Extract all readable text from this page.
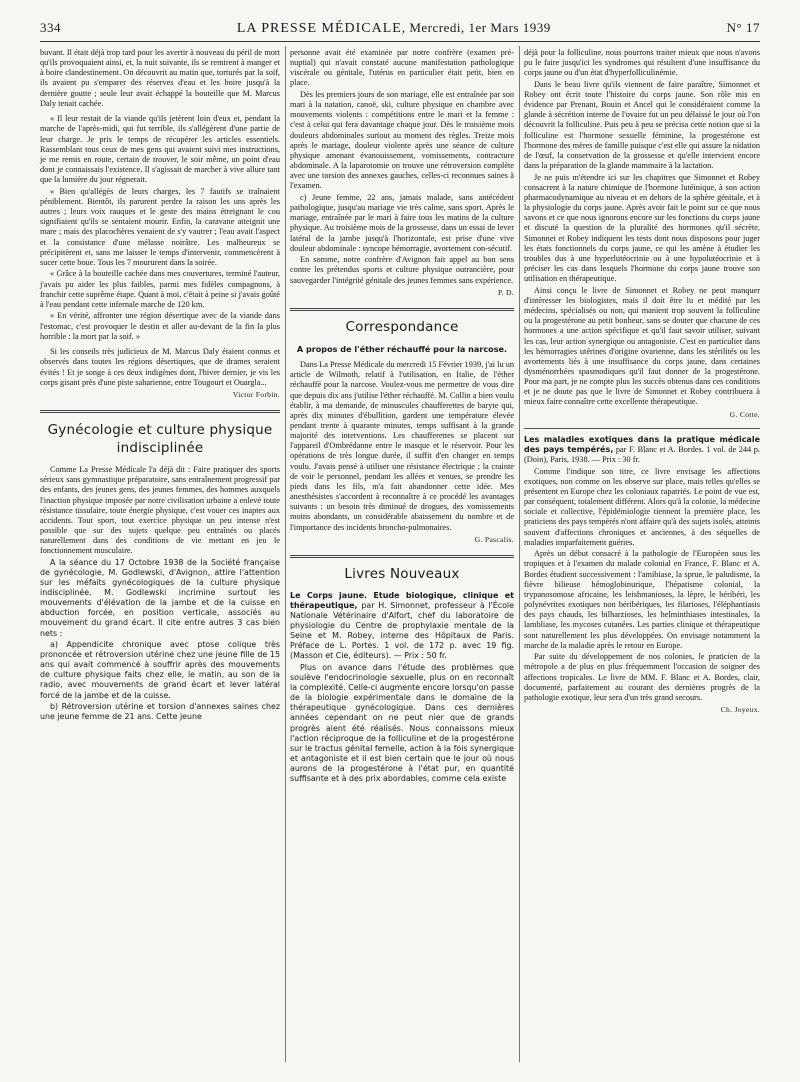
334	LA PRESSE MÉDICALE, Mercredi, 1er Mars 1939	N° 17

buvant. Il était déjà trop tard pour les avertir à nouveau du péril de mort qu'ils provoquaient ainsi, et, la nuit suivante, ils se remirent à manger et à boire clandestinement. On découvrit au matin que, torturés par la soif, ils avaient pu s'emparer des réserves d'eau et les boire jusqu'à la dernière goutte ; seule leur avait échappé la bouteille que M. Marcus Daly tenait cachée.

« Il leur restait de la viande qu'ils jetèrent loin d'eux et, pendant la marche de l'après-midi, qui fut terrible, ils s'allégèrent d'une partie de leur charge. Je pris le temps de récupérer les articles essentiels. Rassemblant tous ceux de mes gens qui avaient suivi mes instructions, je me remis en route, certain de trouver, le soir même, un point d'eau dont je connaissais l'existence. Il s'agissait de marcher à vive allure tant que la lumière du jour régnerait.

« Bien qu'allégés de leurs charges, les 7 fautifs se traînaient péniblement. Bientôt, ils parurent perdre la raison les uns après les autres ; leurs voix rauques et le geste des mains étreignant le cou signifiaient qu'ils se sentaient mourir. Enfin, la caravane atteignit une mare ; mais des placochères venaient de s'y vautrer ; l'eau avait l'aspect et la consistance d'une mélasse noirâtre. Les malheureux se précipitèrent et, sans me laisser le temps d'intervenir, commencèrent à sucer cette boue. Tous les 7 moururent dans la soirée.

« Grâce à la bouteille cachée dans mes couvertures, terminé l'auteur, j'avais pu aider les plus faibles, parmi mes fidèles compagnons, à franchir cette suprême étape. Quant à moi, c'était à peine si j'avais goûté à l'eau pendant cette infernale marche de 120 km.

« En vérité, affronter une région désertique avec de la viande dans l'estomac, c'est provoquer le destin et aller au-devant de la fin la plus horrible : la mort par la soif. »

Si les conseils très judicieux de M. Marcus Daly étaient connus et observés dans toutes les régions désertiques, que de drames seraient évités ! Et je songe à ces deux indigènes dont, l'hiver dernier, je vis les corps gisant près d'une piste saharienne, entre Tougourt et Ouargla...

Victor Forbin.
Gynécologie et culture physique
indisciplinée

Comme La Presse Médicale l'a déjà dit : Faire pratiquer des sports sérieux sans gymnastique préparatoire, sans entraînement progressif par des enfants, des jeunes gens, des jeunes femmes, des hommes auxquels l'inaction physique imposée par notre civilisation urbaine a enlevé toute résistance tissulaire, toute énergie physique, c'est vouer ces inaptes aux accidents. Tout sport, tout exercice physique un peu intense n'est possible que sur des sujets quelque peu entraînés ou placés naturellement dans des conditions de vie mettant en jeu le fonctionnement musculaire.

A la séance du 17 Octobre 1938 de la Société française de gynécologie, M. Godlewski, d'Avignon, attire l'attention sur les méfaits gynécologiques de la culture physique indisciplinée. M. Godlewski incrimine surtout les mouvements d'élévation de la jambe et de la cuisse en abduction forcée, en position verticale, associés au mouvement du grand écart. Il cite entre autres 3 cas bien nets :

a) Appendicite chronique avec ptose colique très prononcée et rétroversion utérine chez une jeune fille de 15 ans qui avait commencé à souffrir après des mouvements de culture physique faits chez elle, le matin, au son de la radio, avec mouvements de grand écart et lever latéral forcé de la jambe et de la cuisse.

b) Rétroversion utérine et torsion d'annexes saines chez une jeune femme de 21 ans. Cette jeune

personne avait été examinée par notre confrère (examen pré-nuptial) qui n'avait constaté aucune manifestation pathologique viscérale ou génitale, l'utérus en particulier était petit, bien en place.

Dès les premiers jours de son mariage, elle est entraînée par son mari à la natation, canoë, ski, culture physique en chambre avec mouvements violents : compétitions entre le mari et la femme : c'est à celui qui fera davantage chaque jour. Dès le troisième mois douleurs abdominales surtout au moment des règles. Treize mois après le mariage, douleur violente après une séance de culture physique amenant évanouissement, vomissements, contracture abdominale. A la laparotomie on trouve une rétroversion complète avec une torsion des annexes gauches, celles-ci reconnues saines à l'examen.

c) Jeune femme, 22 ans, jamais malade, sans antécédent pathologique, jusqu'au mariage vie très calme, sans sport. Après le mariage, entraînée par le mari à faire tous les matins de la culture physique. Au troisième mois de la grossesse, dans un essai de lever latéral de la jambe jusqu'à l'horizontale, est prise d'une vive douleur abdominale : syncope hémorragie, avortement con-sécutif.

En somme, notre confrère d'Avignon fait appel au bon sens contre les prétendus sports et culture physique outrancière, pour sauvegarder l'intégrité génitale des jeunes femmes sans expérience.

P. D.
Correspondance
A propos de l'éther réchauffé pour la narcose.

Dans La Presse Médicale du mercredi 15 Février 1939, j'ai lu un article de Wilmoth, relatif à l'utilisation, en Italie, de l'éther réchauffé pour la narcose. Voulez-vous me permettre de vous dire que depuis dix ans j'utilise l'éther réchauffé. M. Collin a bien voulu établir, à ma demande, de minuscules chaufferettes de baryte qui, après dix minutes d'ébullition, gardent une température élevée pendant trente à quarante minutes, temps suffisant à la grande majorité des interventions. Les chaufferettes se placent sur l'appareil d'Ombrédanne entre le masque et le réservoir. Pour les opérations de très longue durée, il suffit d'en changer en temps voulu. J'avais pensé à utiliser une résistance électrique ; la crainte de voir le personnel, pendant les allées et venues, se prendre les pieds dans les fils, m'a fait abandonner cette idée. Mes anesthésistes s'accordent à reconnaître à ce procédé les avantages suivants : un besoin très diminué de drogues, des vomissements moins abondants, un considérable abaissement du nombre et de l'importance des incidents broncho-pulmonaires.

G. Pascalis.
Livres Nouveaux

Le Corps jaune. Etude biologique, clinique et thérapeutique, par H. Simonnet, professeur à l'École Nationale Vétérinaire d'Alfort, chef du laboratoire de physiologie du Centre de prophylaxie mentale de la Seine et M. Robey, interne des Hôpitaux de Paris. Préface de L. Portes. 1 vol. de 172 p. avec 19 fig. (Masson et Cie, éditeurs). — Prix : 50 fr.

Plus on avance dans l'étude des problèmes que soulève l'endocrinologie sexuelle, plus on en reconnaît la complexité. Celle-ci augmente encore lorsqu'on passe de la biologie expérimentale dans le domaine de la thérapeutique gynécologique. Dans ces dernières années cependant on ne peut nier que de grands progrès aient été réalisés. Nous connaissons mieux l'action réciproque de la folliculine et de la progestérone sur le tractus génital femelle, action à la fois synergique et antagoniste et il est bien certain que le jour où nous aurons de la progestérone à l'état pur, en quantité suffisante et à des prix abordables, comme cela existe

déjà pour la folliculine, nous pourrons traiter mieux que nous n'avons pu le faire jusqu'ici les syndromes qui résultent d'une insuffisance du corps jaune ou d'un état d'hyperfolliculinémie.

Dans le beau livre qu'ils viennent de faire paraître, Simonnet et Robey ont écrit toute l'histoire du corps jaune. Son rôle mis en évidence par Prenant, Bouin et Ancel qui le considéraient comme la glande à sécrétion interne de l'ovaire fut un peu délaissé le jour où l'on découvrit la folliculine. Puis peu à peu se précisa cette notion que si la folliculine est l'hormone sexuelle féminine, la progestérone est l'hormone des mères de famille puisque c'est elle qui assure la nidation de l'œuf, la conservation de la grossesse et qu'elle intervient encore dans la préparation de la glande mammaire à la lactation.

Je ne puis m'étendre ici sur les chapitres que Simonnet et Robey consacrent à la nature chimique de l'hormone lutéinique, à son action pharmacodynamique au niveau et en dehors de la sphère génitale, et à la physiologie du corps jaune. Après avoir fait le point sur ce que nous savons et ce que nous ignorons encore sur les fonctions du corps jaune et discuté la question de la pluralité des hormones qu'il sécrète, Simonnet et Robey indiquent les tests dont nous disposons pour juger les états fonctionnels du corps jaune, ce qui les amène à étudier les troubles dus à une hyperlutéocrinie ou à une hypolutéocrinie et à préciser les cas dans lesquels l'hormone du corps jaune trouve son utilisation en thérapeutique.

Ainsi conçu le livre de Simonnet et Robey ne peut manquer d'intéresser les biologistes, mais il doit être lu et médité par les médecins, spécialisés ou non, qui manient trop souvent la folliculine ou la progestérone au petit bonheur, sans se douter que chacune de ces hormones a une action spécifique et qu'il faut savoir utiliser, suivant les cas, leur action synergique ou antagoniste. C'est en particulier dans les hémorragies utérines d'origine ovarienne, dans les stérilités ou les avortements liés à une insuffisance du corps jaune, dans certaines dysménorrhées spasmodiques qu'il faut donner de la progestérone. Pour ma part, je ne compte plus les succès obtenus dans ces conditions et je ne doute pas que le livre de Simonnet et Robey contribuera à mieux faire connaître cette excellente thérapeutique.

G. Cotte.

Les maladies exotiques dans la pratique médicale des pays tempérés, par F. Blanc et A. Bordes. 1 vol. de 244 p. (Doin), Paris, 1938. — Prix : 30 fr.

Comme l'indique son titre, ce livre envisage les affections exotiques, non comme on les observe sur place, mais telles qu'elles se présentent en Europe chez les coloniaux rapatriés. Le point de vue est, par conséquent, totalement différent. Alors qu'à la colonie, la médecine sociale et collective, l'épidémiologie tiennent la première place, les praticiens des pays tempérés n'ont affaire qu'à des sujets isolés, atteints souvent d'affections chroniques et anciennes, à des séquelles de maladies imparfaitement guéries.

Après un début consacré à la pathologie de l'Européen sous les tropiques et à l'examen du malade colonial en France, F. Blanc et A. Bordes étudient successivement : l'amibiase, la sprue, le paludisme, la fièvre bilieuse hémoglobinurique, l'hépatisme colonial, la trypanosomose africaine, les leishmanioses, la lèpre, le béribéri, les polynévrites exotiques non béribériques, les filarioses, l'éléphantiasis des pays chauds, les bilharzioses, les helminthiases intestinales, la lambliase, les mycoses cutanées. Les parties clinique et thérapeutique sont naturellement les plus développées. On envisage notamment la marche de la maladie après le retour en Europe.

Par suite du développement de nos colonies, le praticien de la métropole a de plus en plus fréquemment l'occasion de soigner des affections tropicales. Le livre de MM. F. Blanc et A. Bordes, clair, documenté, parfaitement au courant des dernières progrès de la pathologie exotique, leur sera d'un très grand secours.

Ch. Joyeux.
